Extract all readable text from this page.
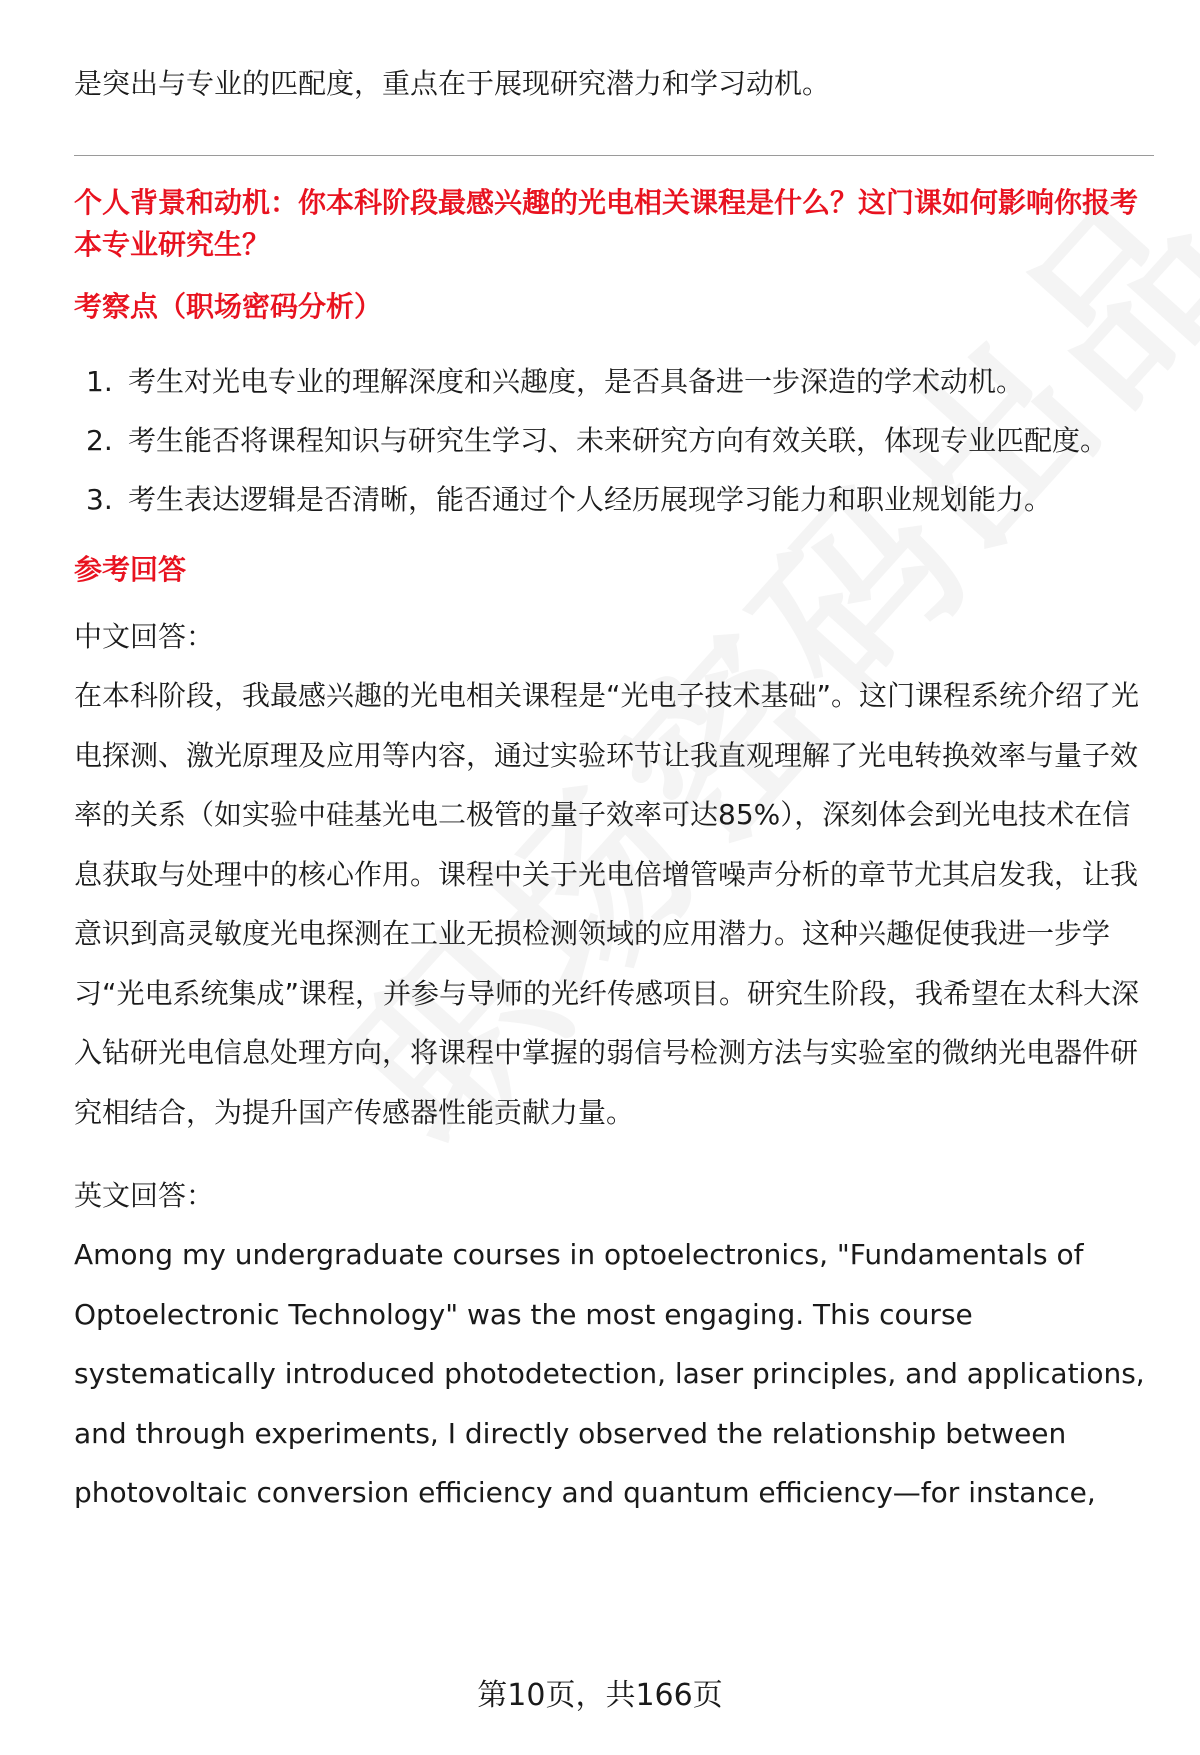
是突出与专业的匹配度，重点在于展现研究潜力和学习动机。

个人背景和动机：你本科阶段最感兴趣的光电相关课程是什么？这门课如何影响你报考本专业研究生？

考察点（职场密码分析）

1. 考生对光电专业的理解深度和兴趣度，是否具备进一步深造的学术动机。
2. 考生能否将课程知识与研究生学习、未来研究方向有效关联，体现专业匹配度。
3. 考生表达逻辑是否清晰，能否通过个人经历展现学习能力和职业规划能力。

参考回答

中文回答：

在本科阶段，我最感兴趣的光电相关课程是“光电子技术基础”。这门课程系统介绍了光电探测、激光原理及应用等内容，通过实验环节让我直观理解了光电转换效率与量子效率的关系（如实验中硅基光电二极管的量子效率可达85%），深刻体会到光电技术在信息获取与处理中的核心作用。课程中关于光电倍增管噪声分析的章节尤其启发我，让我意识到高灵敏度光电探测在工业无损检测领域的应用潜力。这种兴趣促使我进一步学习“光电系统集成”课程，并参与导师的光纤传感项目。研究生阶段，我希望在太科大深入钻研光电信息处理方向，将课程中掌握的弱信号检测方法与实验室的微纳光电器件研究相结合，为提升国产传感器性能贡献力量。

英文回答：

Among my undergraduate courses in optoelectronics, "Fundamentals of Optoelectronic Technology" was the most engaging. This course systematically introduced photodetection, laser principles, and applications, and through experiments, I directly observed the relationship between photovoltaic conversion efficiency and quantum efficiency—for instance,

第10页，共166页
